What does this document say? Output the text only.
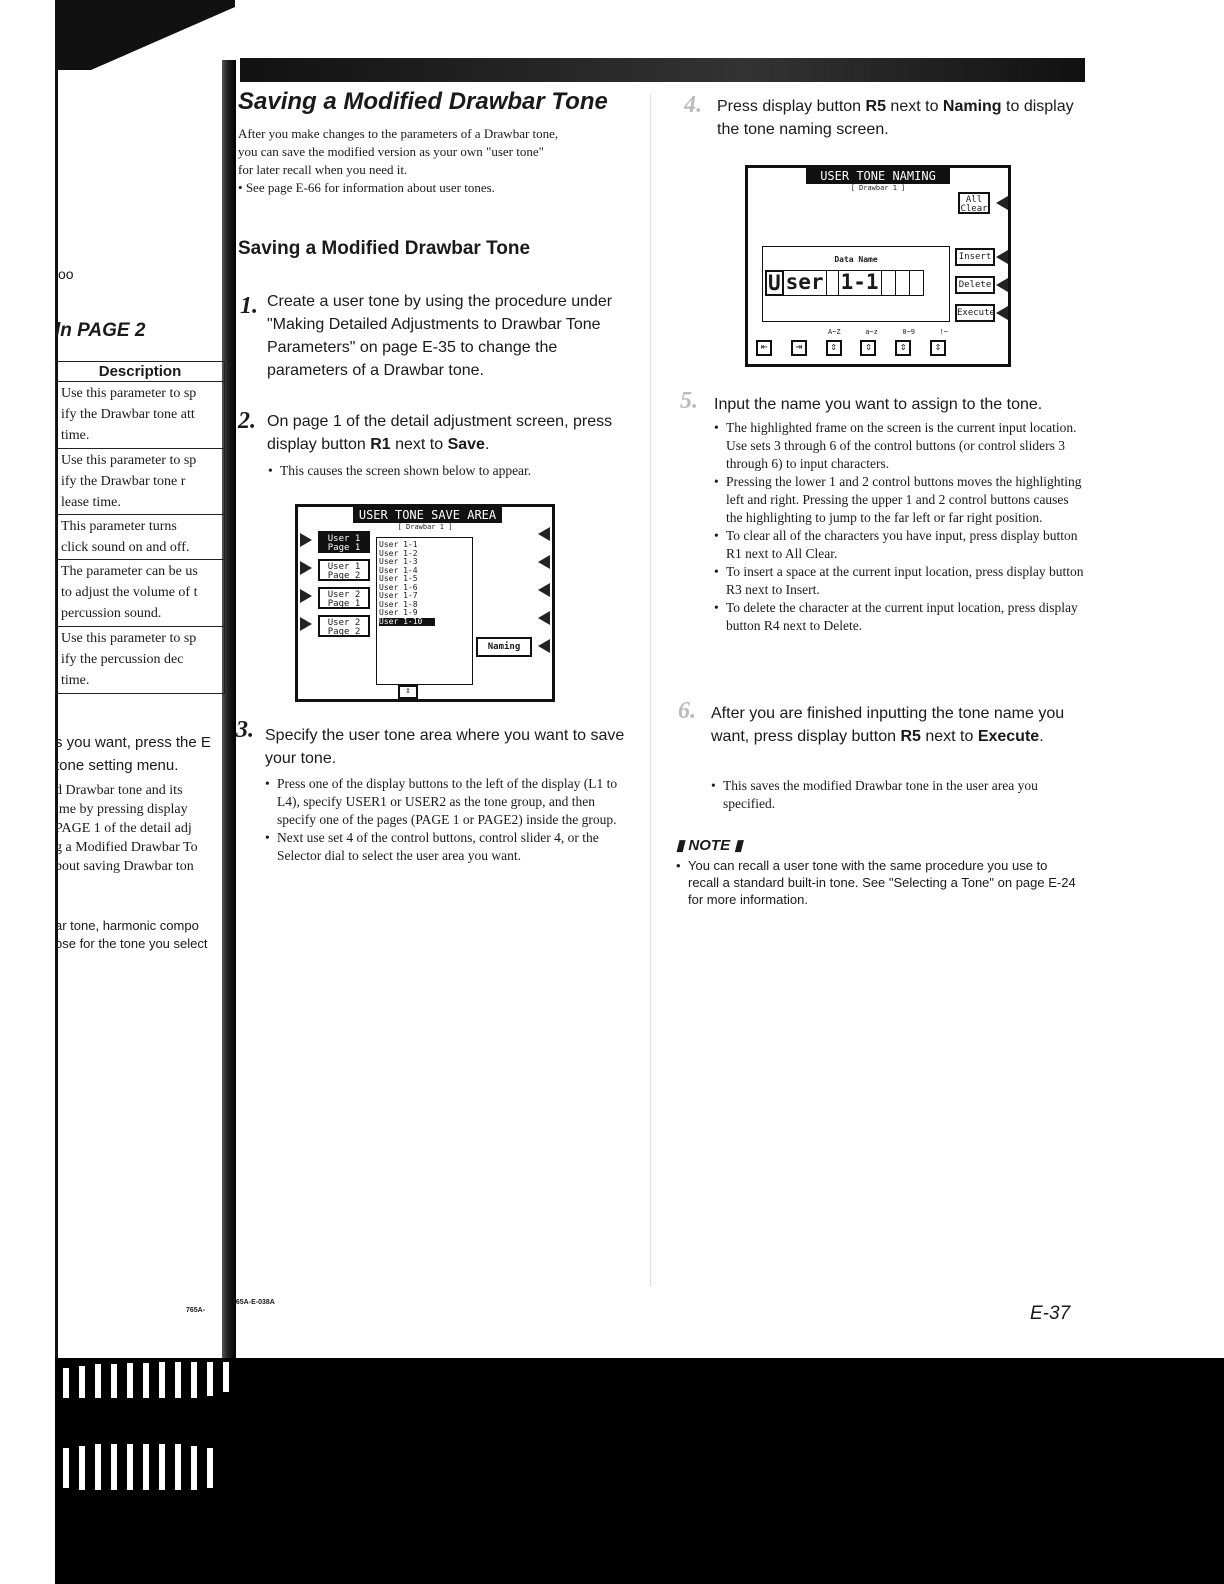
oo
ln PAGE 2
Description

Use this parameter to sp
ify the Drawbar tone att
time.

Use this parameter to sp
ify the Drawbar tone r
lease time.

This parameter turns
click sound on and off.

The parameter can be us
to adjust the volume of t
percussion sound.

Use this parameter to sp
ify the percussion dec
time.
s you want, press the E
tone setting menu.
d Drawbar tone and its
ime by pressing display
PAGE 1 of the detail adj
g a Modified Drawbar To
bout saving Drawbar ton
ar tone, harmonic compo
ose for the tone you select
765A-
Saving a Modified Drawbar Tone
After you make changes to the parameters of a Drawbar tone,
you can save the modified version as your own "user tone"
for later recall when you need it.
• See page E-66 for information about user tones.
Saving a Modified Drawbar Tone
1. Create a user tone by using the procedure under "Making Detailed Adjustments to Drawbar Tone Parameters" on page E-35 to change the parameters of a Drawbar tone.
2. On page 1 of the detail adjustment screen, press display button R1 next to Save.
• This causes the screen shown below to appear.
USER TONE SAVE AREA
[ Drawbar 1 ]
User 1 Page 1
User 1 Page 2
User 2 Page 1
User 2 Page 2
User 1-1
User 1-2
User 1-3
User 1-4
User 1-5
User 1-6
User 1-7
User 1-8
User 1-9
User 1-10
⇕
Naming
3. Specify the user tone area where you want to save your tone.
• Press one of the display buttons to the left of the display (L1 to L4), specify USER1 or USER2 as the tone group, and then specify one of the pages (PAGE 1 or PAGE2) inside the group.
• Next use set 4 of the control buttons, control slider 4, or the Selector dial to select the user area you want.
4. Press display button R5 next to Naming to display the tone naming screen.
USER TONE NAMING
[ Drawbar 1 ]
All Clear
Insert
Delete
Execute
Data Name
U ser 1-1
A~Z	a~z	0~9	!~
⇤	⇥	⇕	⇕	⇕	⇕
5. Input the name you want to assign to the tone.
• The highlighted frame on the screen is the current input location. Use sets 3 through 6 of the control buttons (or control sliders 3 through 6) to input characters.
• Pressing the lower 1 and 2 control buttons moves the highlighting left and right. Pressing the upper 1 and 2 control buttons causes the highlighting to jump to the far left or far right position.
• To clear all of the characters you have input, press display button R1 next to All Clear.
• To insert a space at the current input location, press display button R3 next to Insert.
• To delete the character at the current input location, press display button R4 next to Delete.
6. After you are finished inputting the tone name you want, press display button R5 next to Execute.
• This saves the modified Drawbar tone in the user area you specified.
▮ NOTE ▮
• You can recall a user tone with the same procedure you use to recall a standard built-in tone. See "Selecting a Tone" on page E-24 for more information.
E-37
765A-E-038A
